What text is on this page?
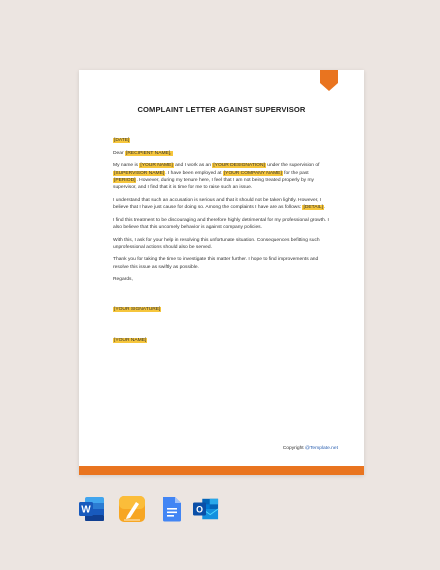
COMPLAINT LETTER AGAINST SUPERVISOR

[DATE]

Dear [RECIPIENT NAME],

My name is [YOUR NAME] and I work as an [YOUR DESIGNATION] under the supervision of [SUPERVISOR NAME]. I have been employed at [YOUR COMPANY NAME] for the past [PERIOD]. However, during my tenure here, I feel that I am not being treated properly by my supervisor, and I find that it is time for me to raise such an issue.

I understand that such an accusation is serious and that it should not be taken lightly. However, I believe that I have just cause for doing so. Among the complaints I have are as follows: [DETAIL].

I find this treatment to be discouraging and therefore highly detrimental for my professional growth. I also believe that this uncomely behavior is against company policies.

With this, I ask for your help in resolving this unfortunate situation. Consequences befitting such unprofessional actions should also be served.

Thank you for taking the time to investigate this matter further. I hope to find improvements and resolve this issue as swiftly as possible.

Regards,

[YOUR SIGNATURE]
[YOUR NAME]
Copyright @Template.net
W	O
